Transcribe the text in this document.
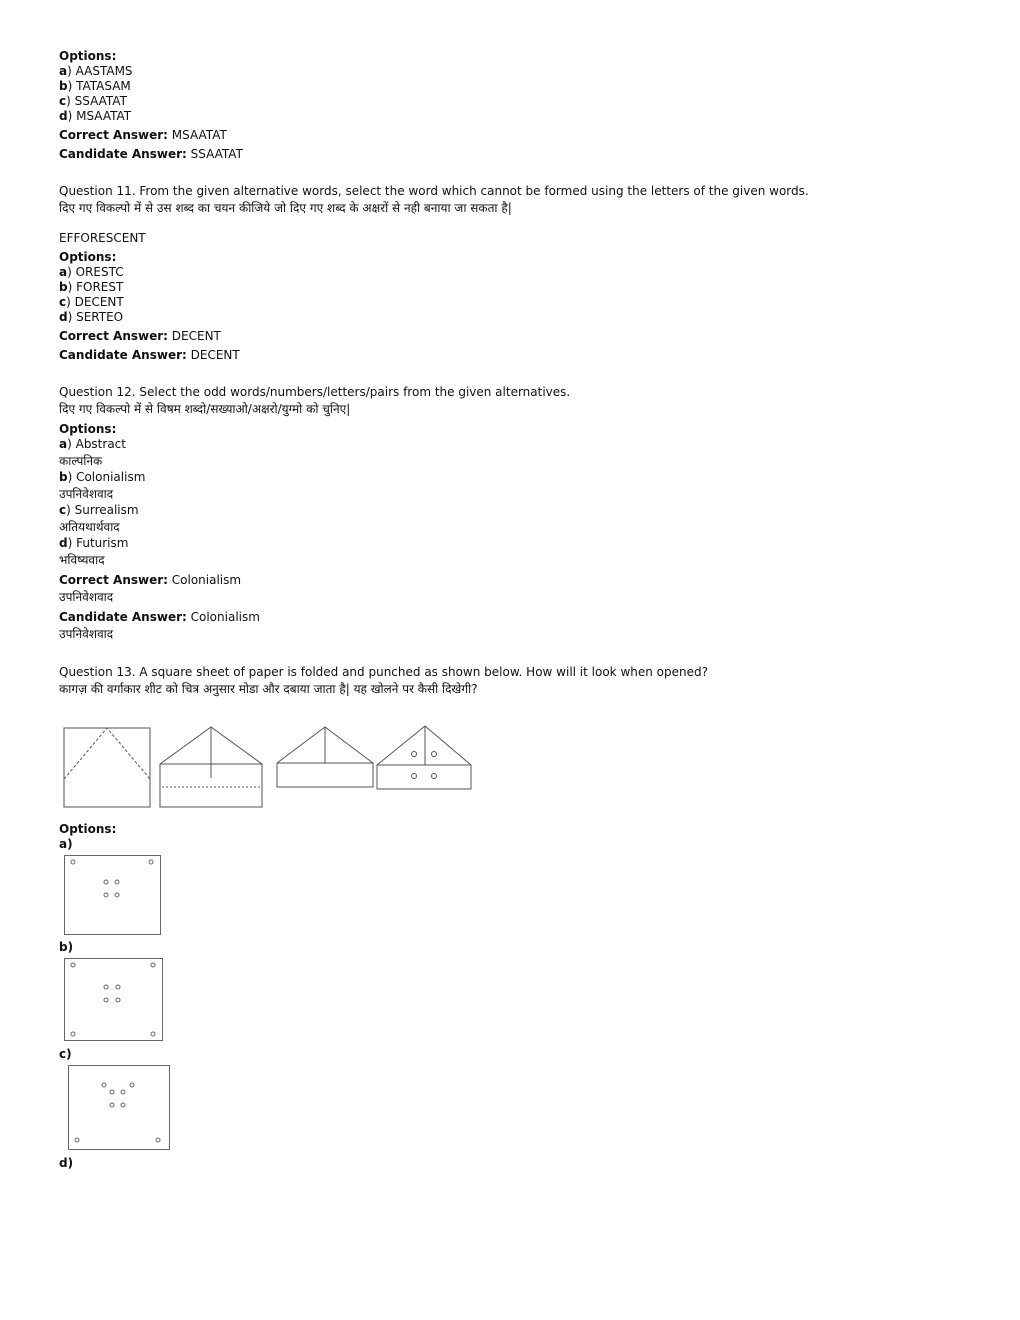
Options:
a) AASTAMS
b) TATASAM
c) SSAATAT
d) MSAATAT
Correct Answer: MSAATAT
Candidate Answer: SSAATAT
Question 11. From the given alternative words, select the word which cannot be formed using the letters of the given words.
दिए गए विकल्पो में से उस शब्द का चयन कीजिये जो दिए गए शब्द के अक्षरों से नही बनाया जा सकता है|
EFFORESCENT
Options:
a) ORESTC
b) FOREST
c) DECENT
d) SERTEO
Correct Answer: DECENT
Candidate Answer: DECENT
Question 12. Select the odd words/numbers/letters/pairs from the given alternatives.
दिए गए विकल्पो में से विषम शब्दो/सख्याओ/अक्षरो/युग्मो को चुनिए|
Options:
a) Abstract
काल्पनिक
b) Colonialism
उपनिवेशवाद
c) Surrealism
अतियथार्थवाद
d) Futurism
भविष्यवाद
Correct Answer: Colonialism
उपनिवेशवाद
Candidate Answer: Colonialism
उपनिवेशवाद
Question 13. A square sheet of paper is folded and punched as shown below. How will it look when opened?
कागज़ की वर्गाकार शीट को चित्र अनुसार मोडा और दबाया जाता है| यह खोलने पर कैसी दिखेगी?
Options:
a)
b)
c)
d)
